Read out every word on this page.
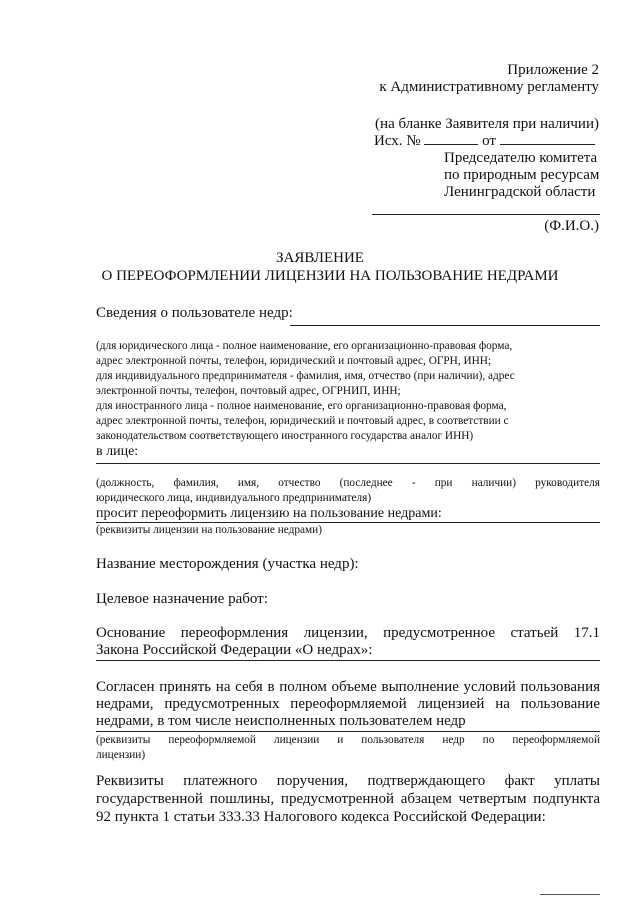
Приложение 2
к Административному регламенту
(на бланке Заявителя при наличии)
Исх. №	от
Председателю комитета
по природным ресурсам
Ленинградской области
(Ф.И.О.)
ЗАЯВЛЕНИЕ
О ПЕРЕОФОРМЛЕНИИ ЛИЦЕНЗИИ НА ПОЛЬЗОВАНИЕ НЕДРАМИ
Сведения о пользователе недр:
(для юридического лица - полное наименование, его организационно-правовая форма,
адрес электронной почты, телефон, юридический и почтовый адрес, ОГРН, ИНН;
для индивидуального предпринимателя - фамилия, имя, отчество (при наличии), адрес
электронной почты, телефон, почтовый адрес, ОГРНИП, ИНН;
для иностранного лица - полное наименование, его организационно-правовая форма,
адрес электронной почты, телефон, юридический и почтовый адрес, в соответствии с
законодательством соответствующего иностранного государства аналог ИНН)
в лице:
(должность, фамилия, имя, отчество (последнее - при наличии) руководителя
юридического лица, индивидуального предпринимателя)
просит переоформить лицензию на пользование недрами:
(реквизиты лицензии на пользование недрами)
Название месторождения (участка недр):
Целевое назначение работ:
Основание переоформления лицензии, предусмотренное статьей 17.1
Закона Российской Федерации «О недрах»:
Согласен принять на себя в полном объеме выполнение условий пользования
недрами, предусмотренных переоформляемой лицензией на пользование
недрами, в том числе неисполненных пользователем недр
(реквизиты переоформляемой лицензии и пользователя недр по переоформляемой
лицензии)
Реквизиты платежного поручения, подтверждающего факт уплаты
государственной пошлины, предусмотренной абзацем четвертым подпункта
92 пункта 1 статьи 333.33 Налогового кодекса Российской Федерации:
